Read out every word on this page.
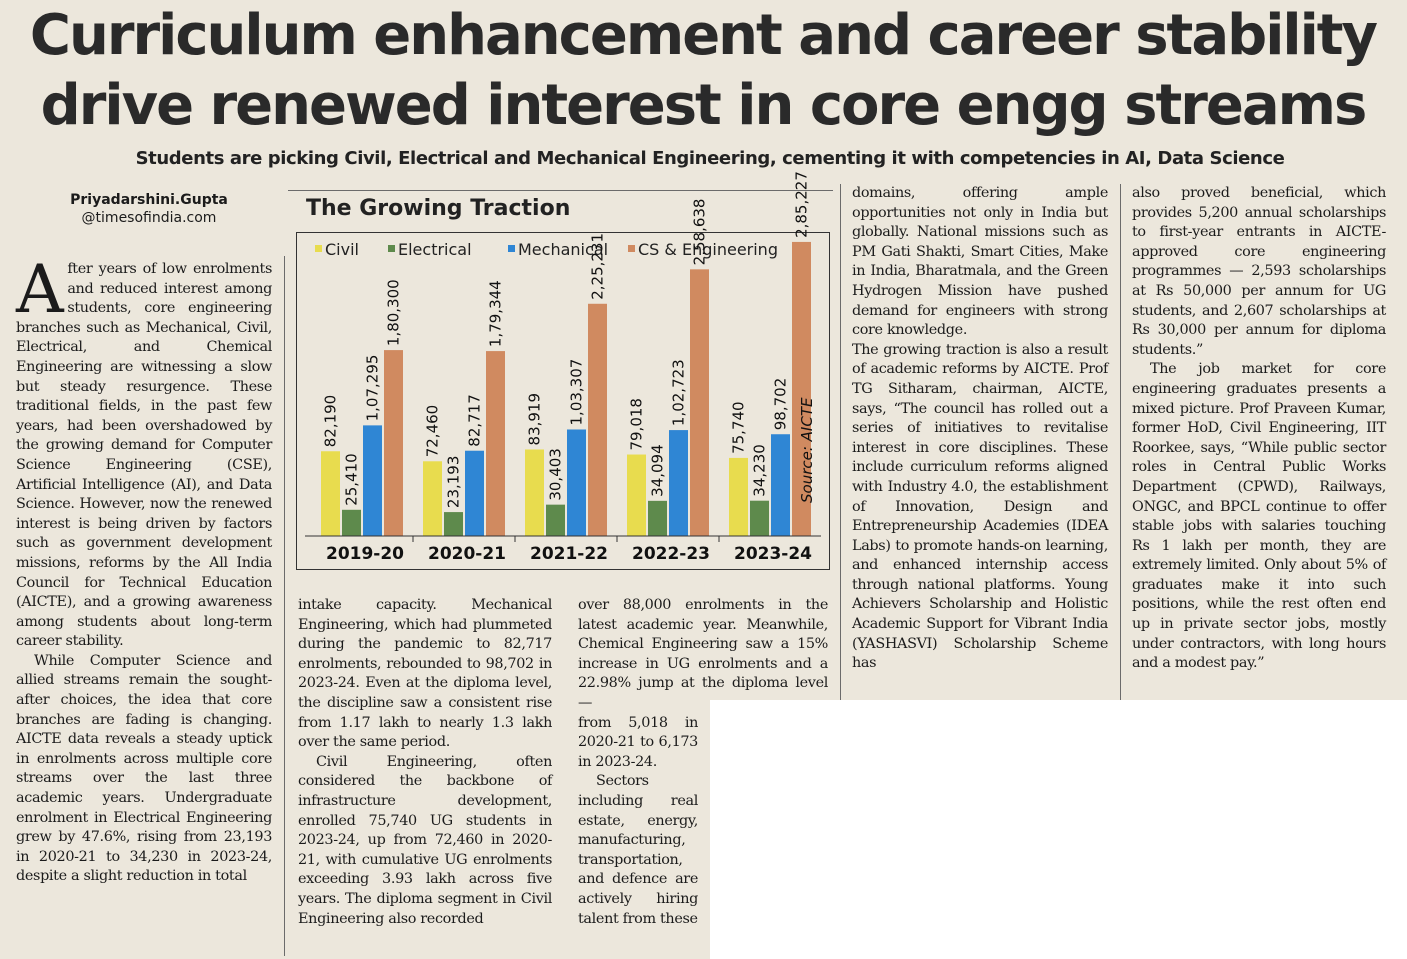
Curriculum enhancement and career stability
drive renewed interest in core engg streams
Students are picking Civil, Electrical and Mechanical Engineering, cementing it with competencies in AI, Data Science
Priyadarshini.Gupta
@timesofindia.com

After years of low enrolments and reduced interest among students, core engineering branches such as Mechanical, Civil, Electrical, and Chemical Engineering are witnessing a slow but steady resurgence. These traditional fields, in the past few years, had been overshadowed by the growing demand for Computer Science Engineering (CSE), Artificial Intelligence (AI), and Data Science. However, now the renewed interest is being driven by factors such as government development missions, reforms by the All India Council for Technical Education (AICTE), and a growing awareness among students about long-term career stability.

While Computer Science and allied streams remain the sought-after choices, the idea that core branches are fading is changing. AICTE data reveals a steady uptick in enrolments across multiple core streams over the last three academic years. Undergraduate enrolment in Electrical Engineering grew by 47.6%, rising from 23,193 in 2020-21 to 34,230 in 2023-24, despite a slight reduction in total

The Growing Traction
Civil Electrical	Mechanical CS & Engineering
82,190
25,410
1,07,295
1,80,300
2019-20
72,460
23,193
82,717
1,79,344
2020-21
83,919
30,403
1,03,307
2,25,231
2021-22
79,018
34,094
1,02,723
2,58,638
2022-23
75,740
34,230
98,702
2,85,227
2023-24
Source: AICTE

intake capacity. Mechanical Engineering, which had plummeted during the pandemic to 82,717 enrolments, rebounded to 98,702 in 2023-24. Even at the diploma level, the discipline saw a consistent rise from 1.17 lakh to nearly 1.3 lakh over the same period.

Civil Engineering, often considered the backbone of infrastructure development, enrolled 75,740 UG students in 2023-24, up from 72,460 in 2020-21, with cumulative UG enrolments exceeding 3.93 lakh across five years. The diploma segment in Civil Engineering also recorded

over 88,000 enrolments in the latest academic year. Meanwhile, Chemical Engineering saw a 15% increase in UG enrolments and a 22.98% jump at the diploma level —

from 5,018 in 2020-21 to 6,173 in 2023-24.

Sectors including real estate, energy, manufacturing, transportation, and defence are actively hiring talent from these

domains, offering ample opportunities not only in India but globally. National missions such as PM Gati Shakti, Smart Cities, Make in India, Bharatmala, and the Green Hydrogen Mission have pushed demand for engineers with strong core knowledge.

The growing traction is also a result of academic reforms by AICTE. Prof TG Sitharam, chairman, AICTE, says, “The council has rolled out a series of initiatives to revitalise interest in core disciplines. These include curriculum reforms aligned with Industry 4.0, the establishment of Innovation, Design and Entrepreneurship Academies (IDEA Labs) to promote hands-on learning, and enhanced internship access through national platforms. Young Achievers Scholarship and Holistic Academic Support for Vibrant India (YASHASVI) Scholarship Scheme has

also proved beneficial, which provides 5,200 annual scholarships to first-year entrants in AICTE-approved core engineering programmes — 2,593 scholarships at Rs 50,000 per annum for UG students, and 2,607 scholarships at Rs 30,000 per annum for diploma students.”

The job market for core engineering graduates presents a mixed picture. Prof Praveen Kumar, former HoD, Civil Engineering, IIT Roorkee, says, “While public sector roles in Central Public Works Department (CPWD), Railways, ONGC, and BPCL continue to offer stable jobs with salaries touching Rs 1 lakh per month, they are extremely limited. Only about 5% of graduates make it into such positions, while the rest often end up in private sector jobs, mostly under contractors, with long hours and a modest pay.”
